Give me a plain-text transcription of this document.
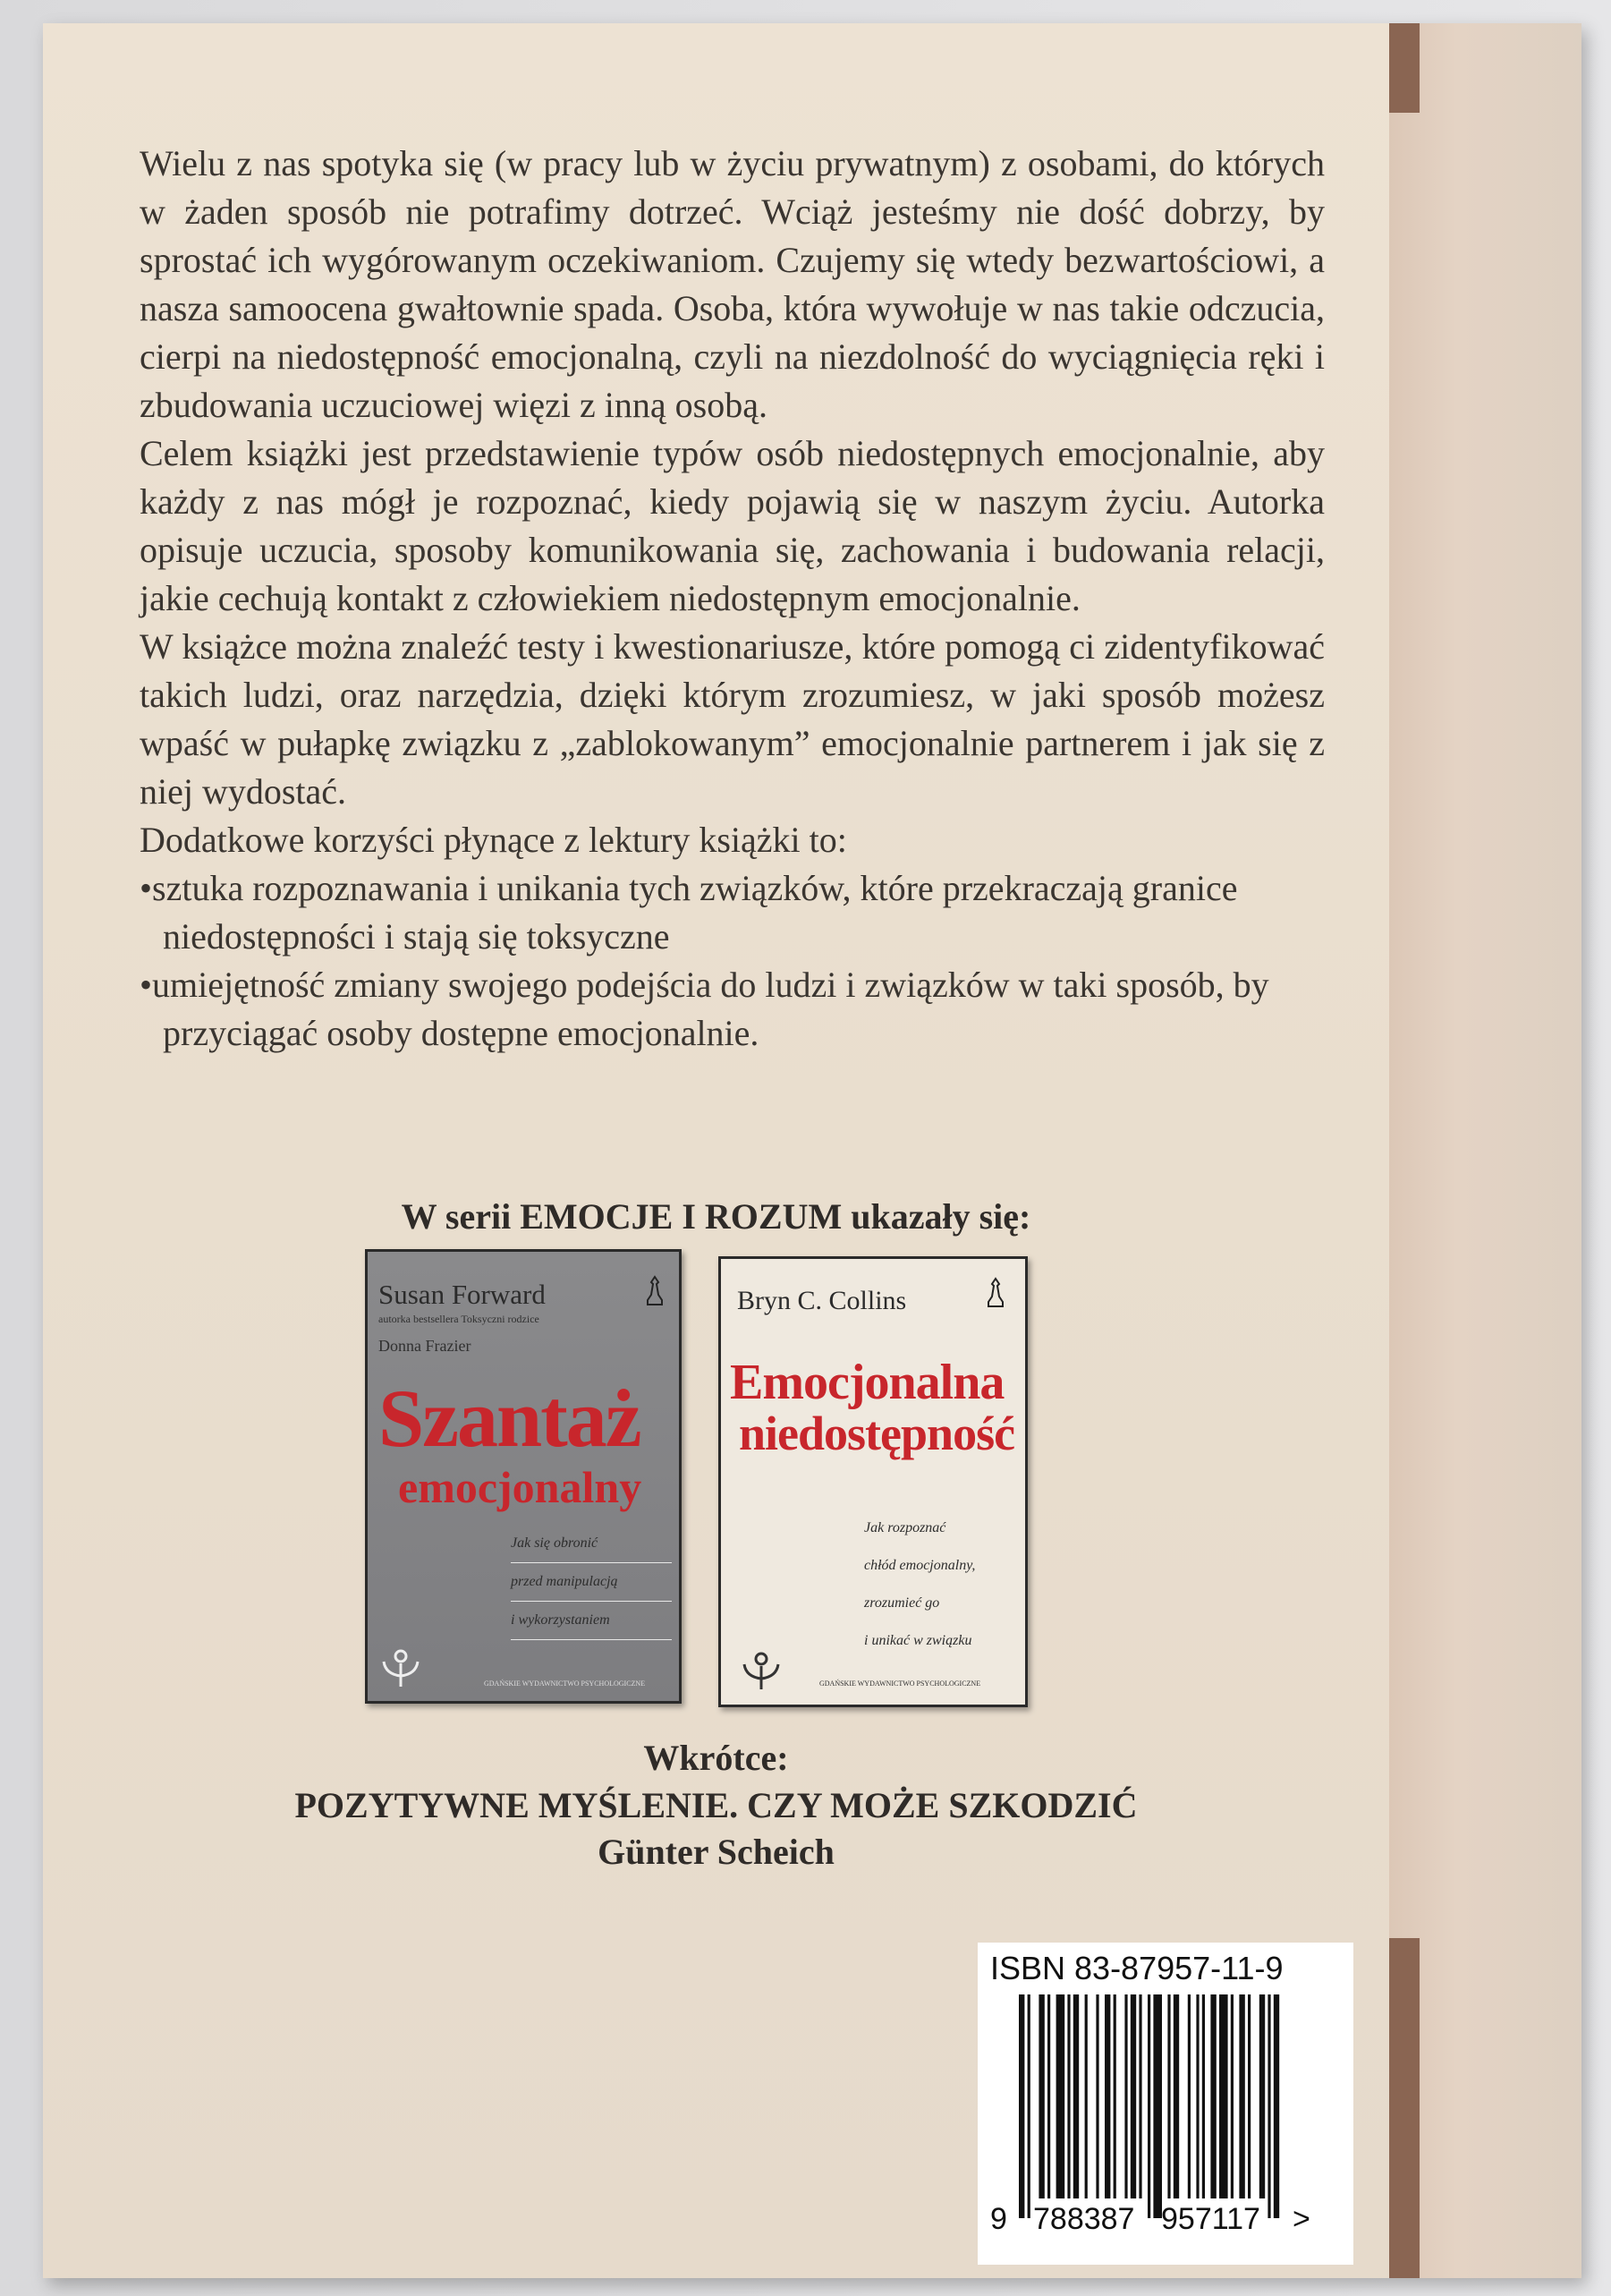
Wielu z nas spotyka się (w pracy lub w życiu prywatnym) z osobami, do których w żaden sposób nie potrafimy dotrzeć. Wciąż jesteśmy nie dość dobrzy, by sprostać ich wygórowanym oczekiwaniom. Czujemy się wtedy bezwartościowi, a nasza samoocena gwałtownie spada. Osoba, która wywołuje w nas takie odczucia, cierpi na niedostępność emocjonalną, czyli na niezdolność do wyciągnięcia ręki i zbudowania uczuciowej więzi z inną osobą.

Celem książki jest przedstawienie typów osób niedostępnych emocjonalnie, aby każdy z nas mógł je rozpoznać, kiedy pojawią się w naszym życiu. Autorka opisuje uczucia, sposoby komunikowania się, zachowania i budowania relacji, jakie cechują kontakt z człowiekiem niedostępnym emocjonalnie.

W książce można znaleźć testy i kwestionariusze, które pomogą ci zidentyfikować takich ludzi, oraz narzędzia, dzięki którym zrozumiesz, w jaki sposób możesz wpaść w pułapkę związku z „zablokowanym” emocjonalnie partnerem i jak się z niej wydostać.

Dodatkowe korzyści płynące z lektury książki to:

•sztuka rozpoznawania i unikania tych związków, które przekraczają granice niedostępności i stają się toksyczne

•umiejętność zmiany swojego podejścia do ludzi i związków w taki sposób, by przyciągać osoby dostępne emocjonalnie.

W serii EMOCJE I ROZUM ukazały się:
Susan Forward
autorka bestsellera Toksyczni rodzice
Donna Frazier
Szantaż
emocjonalny
Jak się obronić
przed manipulacją
i wykorzystaniem
GDAŃSKIE WYDAWNICTWO PSYCHOLOGICZNE
Bryn C. Collins
Emocjonalna
niedostępność
Jak rozpoznać
chłód emocjonalny,
zrozumieć go
i unikać w związku
GDAŃSKIE WYDAWNICTWO PSYCHOLOGICZNE
Wkrótce:
POZYTYWNE MYŚLENIE. CZY MOŻE SZKODZIĆ
Günter Scheich
ISBN 83-87957-11-9
9 788387 957117 >
